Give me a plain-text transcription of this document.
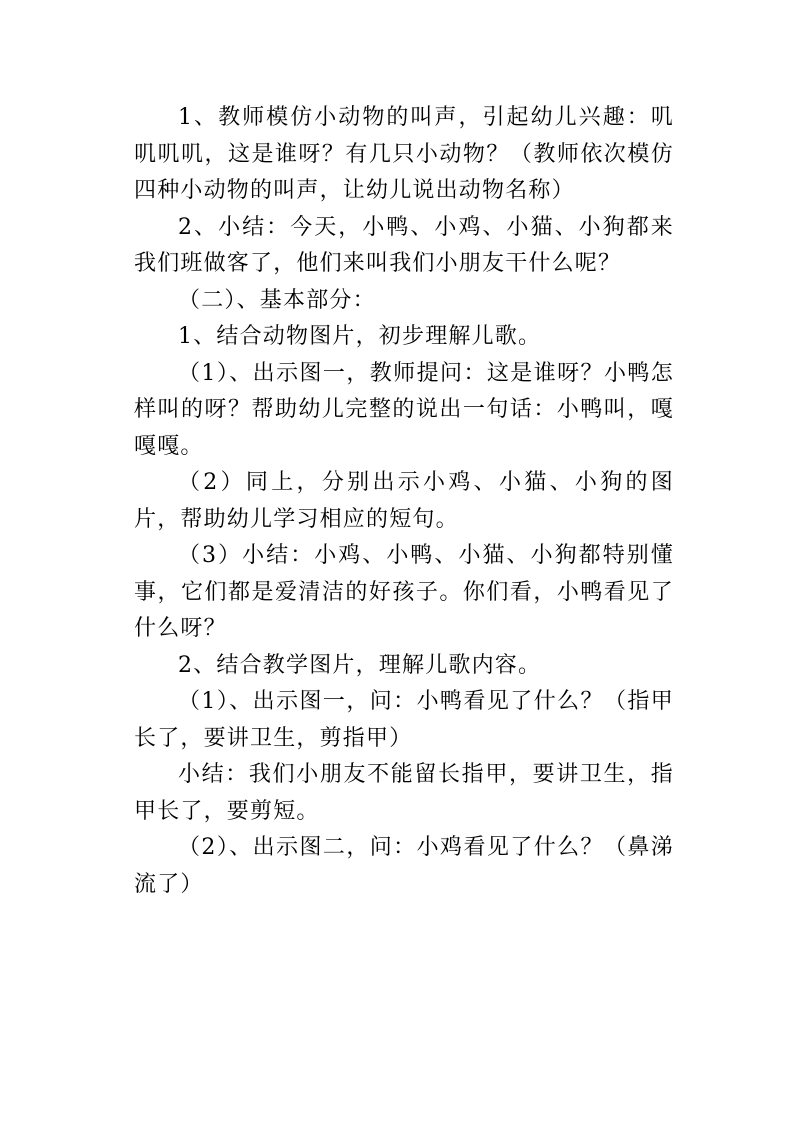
1、教师模仿小动物的叫声，引起幼儿兴趣：叽叽叽叽，这是谁呀？有几只小动物？（教师依次模仿四种小动物的叫声，让幼儿说出动物名称）

2、小结：今天，小鸭、小鸡、小猫、小狗都来我们班做客了，他们来叫我们小朋友干什么呢？

（二）、基本部分：

1、结合动物图片，初步理解儿歌。

（1）、出示图一，教师提问：这是谁呀？小鸭怎样叫的呀？帮助幼儿完整的说出一句话：小鸭叫，嘎嘎嘎。

（2）同上，分别出示小鸡、小猫、小狗的图片，帮助幼儿学习相应的短句。

（3）小结：小鸡、小鸭、小猫、小狗都特别懂事，它们都是爱清洁的好孩子。你们看，小鸭看见了什么呀？

2、结合教学图片，理解儿歌内容。

（1）、出示图一，问：小鸭看见了什么？（指甲长了，要讲卫生，剪指甲）

小结：我们小朋友不能留长指甲，要讲卫生，指甲长了，要剪短。

（2）、出示图二，问：小鸡看见了什么？（鼻涕流了）
